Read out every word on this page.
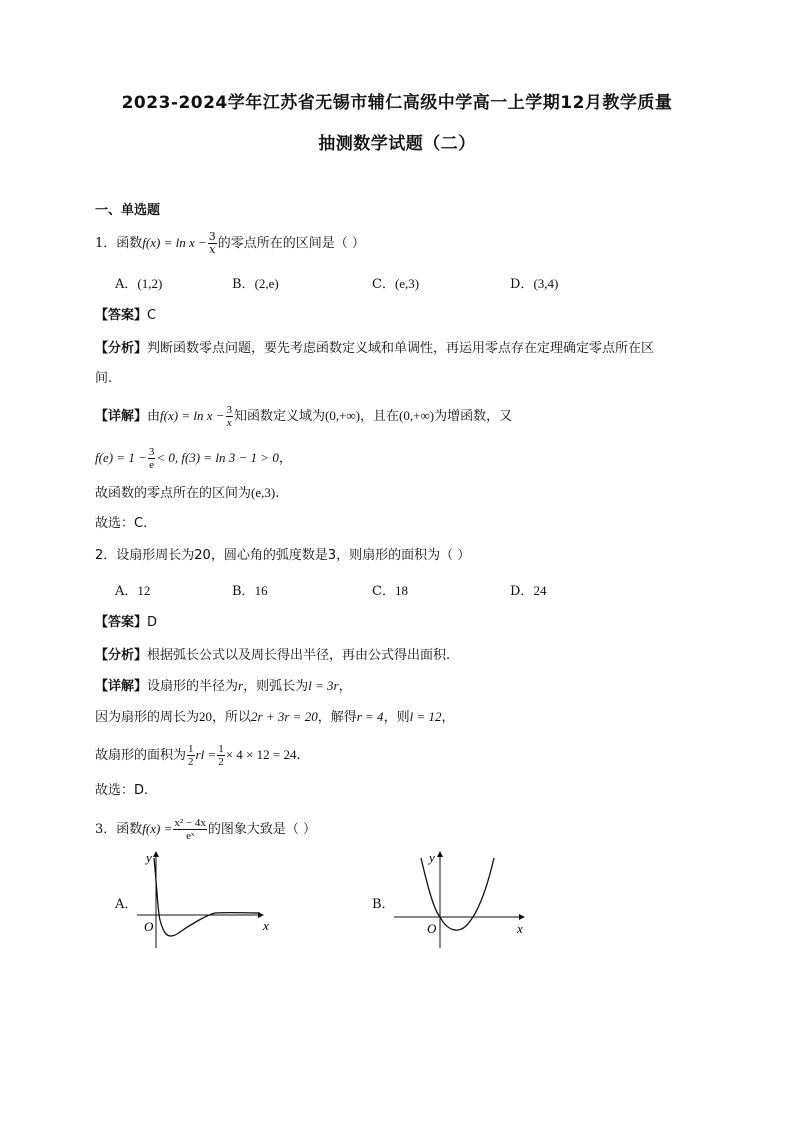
2023-2024学年江苏省无锡市辅仁高级中学高一上学期12月教学质量
抽测数学试题（二）
一、单选题
1．函数$f(x) = \ln x - \frac{3}{x}$ 的零点所在的区间是（ ）
A．(1,2)	B．(2,e)	C．(e,3)	D．(3,4)
【答案】C
【分析】判断函数零点问题，要先考虑函数定义域和单调性，再运用零点存在定理确定零点所在区
间.
【详解】由$f(x) = \ln x - \frac{3}{x}$ 知函数定义域为(0,+∞)，且在(0,+∞)为增函数，又
$f(e) = 1 - \frac{3}{e} < 0$, f(3) = ln 3 − 1 > 0，
故函数的零点所在的区间为(e,3).
故选：C.
2．设扇形周长为20，圆心角的弧度数是3，则扇形的面积为（ ）
A．12	B．16	C．18	D．24
【答案】D
【分析】根据弧长公式以及周长得出半径，再由公式得出面积.
【详解】设扇形的半径为r，则弧长为l = 3r，
因为扇形的周长为20，所以2r + 3r = 20，解得r = 4，则l = 12，
故扇形的面积为 $\frac{1}{2}$ rl = $\frac{1}{2} \times 4 \times 12 = 24$.
故选：D.
3．函数$f(x) = \frac{\text{x² − 4x}}{\text{eˣ}}$ 的图象大致是（ ）
A．
x
y
O
B．
x
y
O
